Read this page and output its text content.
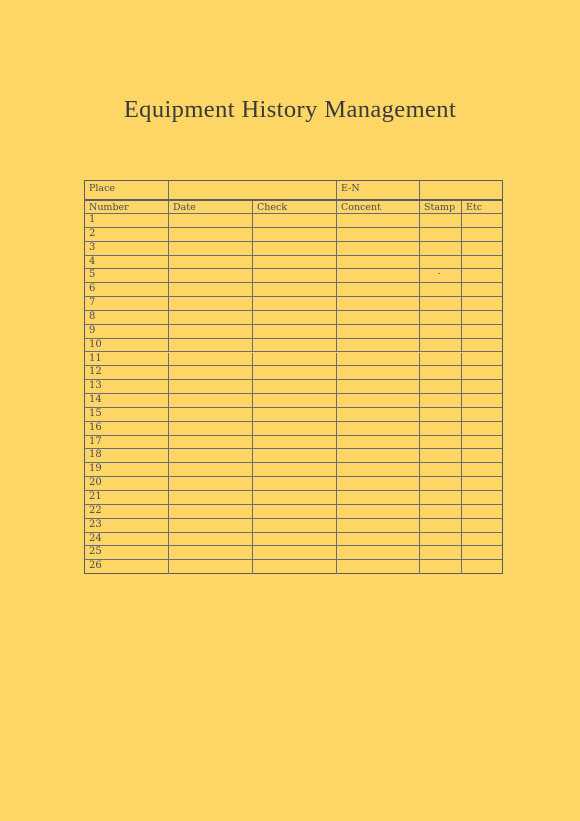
Equipment History Management
Place	E-N
Number	Date	Check	Concent	Stamp	Etc
1
2
3
4
5
6
7
8
9
10
11
12
13
14
15
16
17
18
19
20
21
22
23
24
25
26
